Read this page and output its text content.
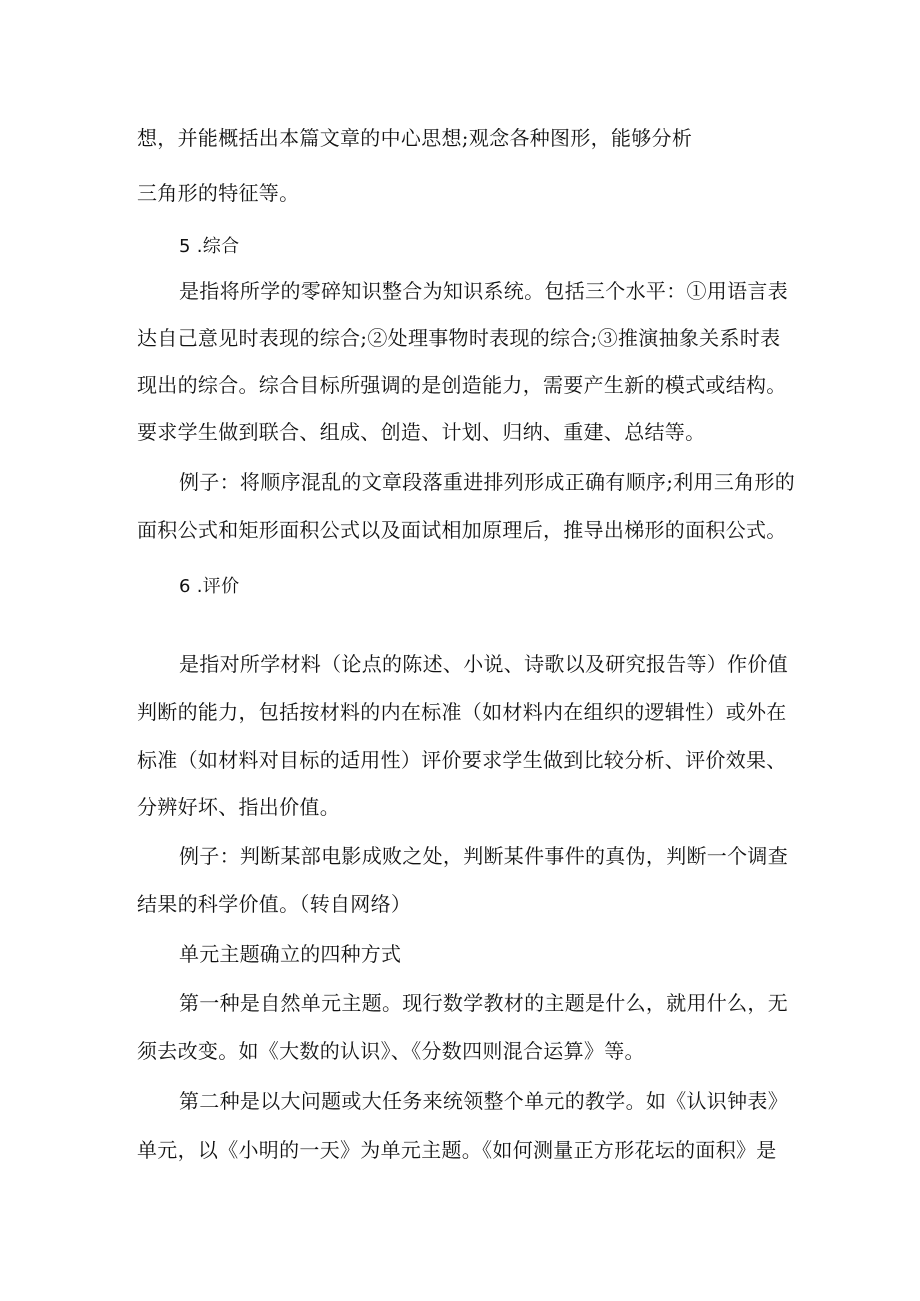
想，并能概括出本篇文章的中心思想;观念各种图形，能够分析
三角形的特征等。
5 .综合
是指将所学的零碎知识整合为知识系统。包括三个水平：①用语言表
达自己意见时表现的综合;②处理事物时表现的综合;③推演抽象关系时表
现出的综合。综合目标所强调的是创造能力，需要产生新的模式或结构。
要求学生做到联合、组成、创造、计划、归纳、重建、总结等。
例子：将顺序混乱的文章段落重进排列形成正确有顺序;利用三角形的
面积公式和矩形面积公式以及面试相加原理后，推导出梯形的面积公式。
6 .评价
是指对所学材料（论点的陈述、小说、诗歌以及研究报告等）作价值
判断的能力，包括按材料的内在标准（如材料内在组织的逻辑性）或外在
标准（如材料对目标的适用性）评价要求学生做到比较分析、评价效果、
分辨好坏、指出价值。
例子：判断某部电影成败之处，判断某件事件的真伪，判断一个调查
结果的科学价值。（转自网络）
单元主题确立的四种方式
第一种是自然单元主题。现行数学教材的主题是什么，就用什么，无
须去改变。如《大数的认识》、《分数四则混合运算》等。
第二种是以大问题或大任务来统领整个单元的教学。如《认识钟表》
单元，以《小明的一天》为单元主题。《如何测量正方形花坛的面积》是
